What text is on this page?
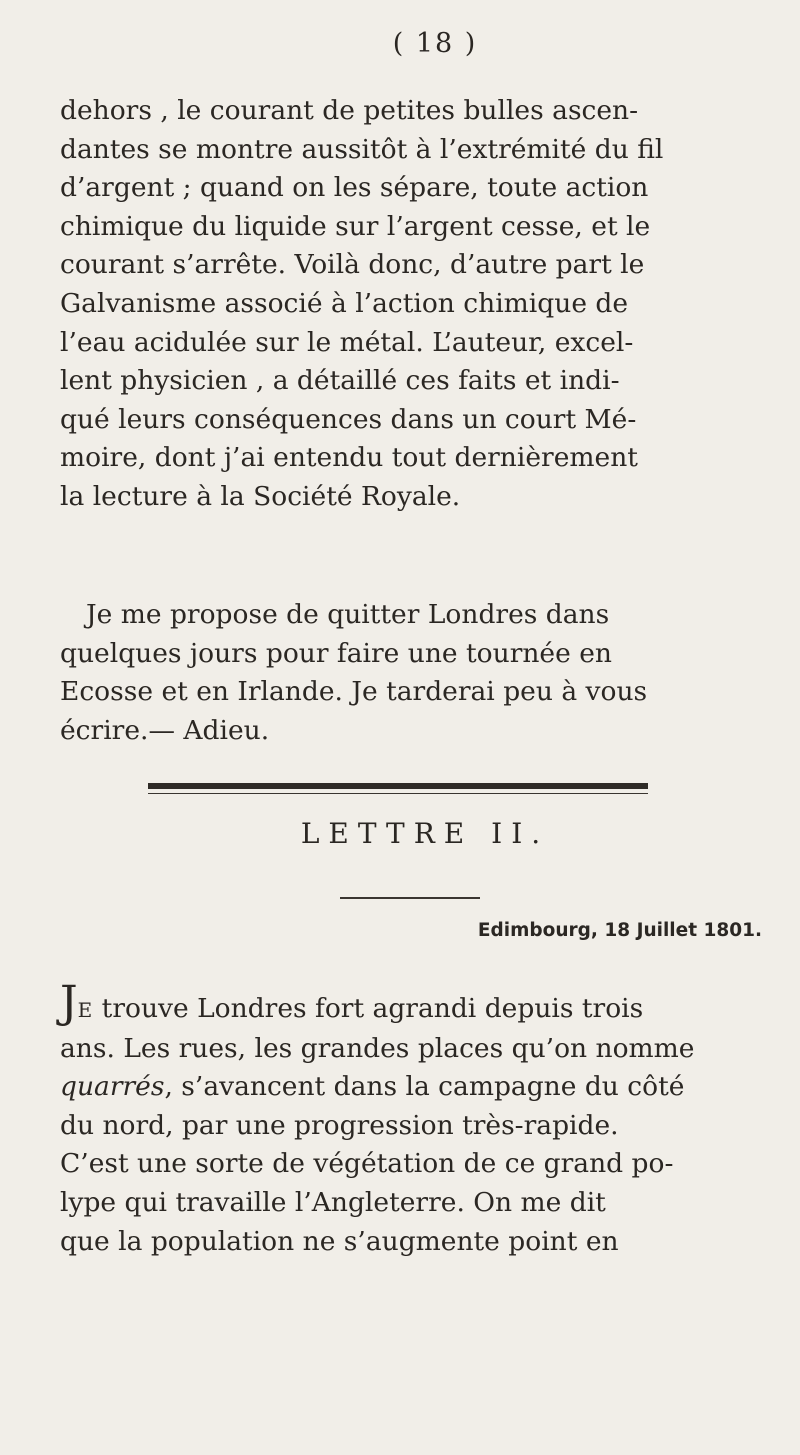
( 18 )
dehors , le courant de petites bulles ascen-
dantes se montre aussitôt à l’extrémité du fil
d’argent ; quand on les sépare, toute action
chimique du liquide sur l’argent cesse, et le
courant s’arrête. Voilà donc, d’autre part le
Galvanisme associé à l’action chimique de
l’eau acidulée sur le métal. L’auteur, excel-
lent physicien , a détaillé ces faits et indi-
qué leurs conséquences dans un court Mé-
moire, dont j’ai entendu tout dernièrement
la lecture à la Société Royale.
Je me propose de quitter Londres dans
quelques jours pour faire une tournée en
Ecosse et en Irlande. Je tarderai peu à vous
écrire.— Adieu.
LETTRE II.
Edimbourg, 18 Juillet 1801.
JE trouve Londres fort agrandi depuis trois
ans. Les rues, les grandes places qu’on nomme
quarrés, s’avancent dans la campagne du côté
du nord, par une progression très-rapide.
C’est une sorte de végétation de ce grand po-
lype qui travaille l’Angleterre. On me dit
que la population ne s’augmente point en
